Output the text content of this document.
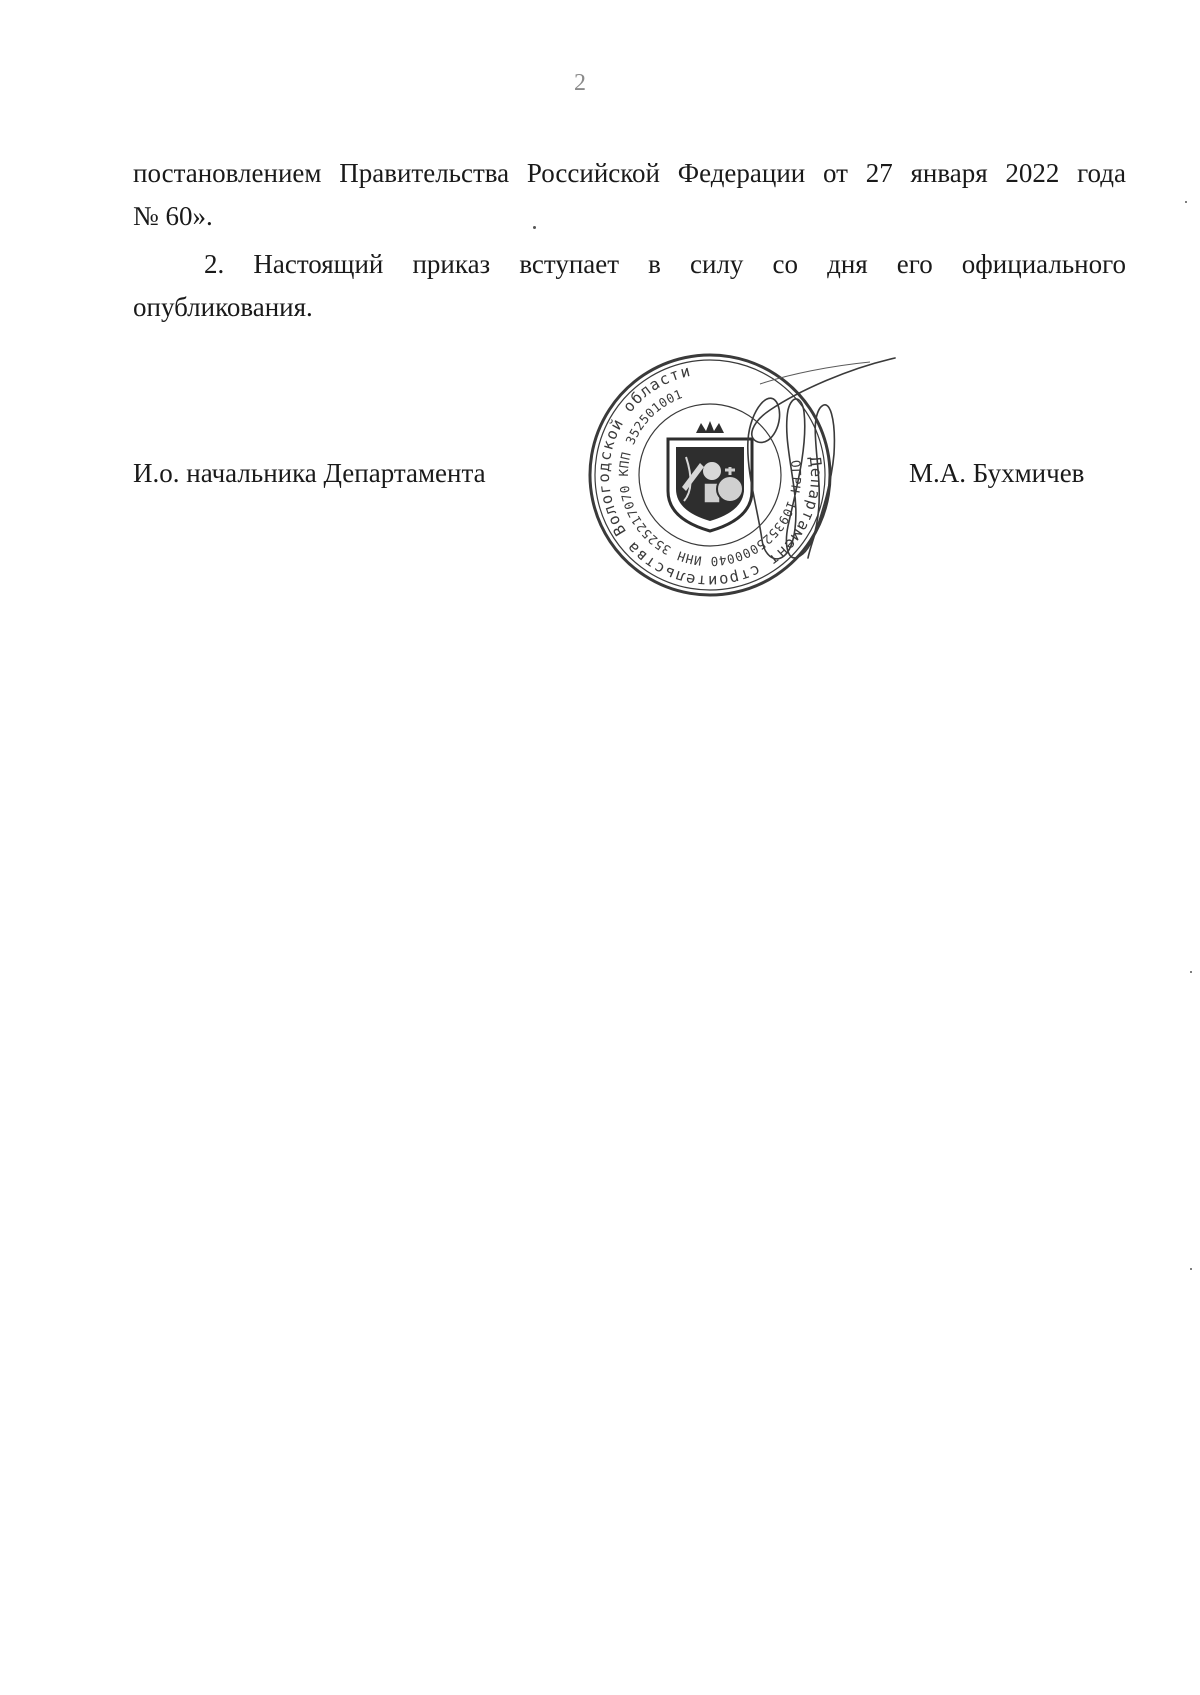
2

постановлением Правительства Российской Федерации от 27 января 2022 года

№ 60».

2. Настоящий приказ вступает в силу со дня его официального

опубликования.

Департамент строительства Вологодской области
ОГРН 1093525000040 ИНН 3525217070 КПП 352501001
И.о. начальника Департамента	М.А. Бухмичев
